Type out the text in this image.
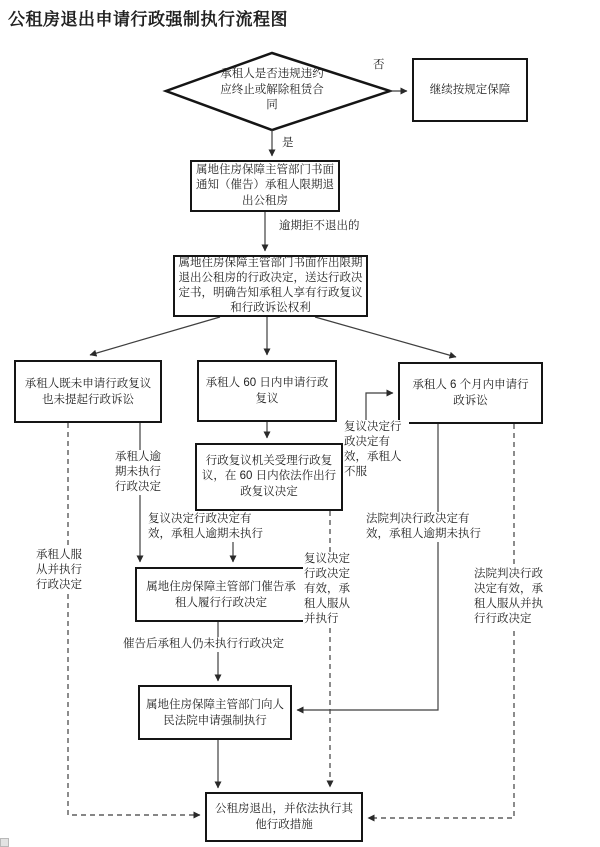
公租房退出申请行政强制执行流程图
承租人是否违规违约应终止或解除租赁合同
继续按规定保障
属地住房保障主管部门书面通知（催告）承租人限期退出公租房
属地住房保障主管部门书面作出限期退出公租房的行政决定，送达行政决定书，明确告知承租人享有行政复议和行政诉讼权利
承租人既未申请行政复议也未提起行政诉讼
承租人 60 日内申请行政复议
承租人 6 个月内申请行政诉讼
行政复议机关受理行政复议，在 60 日内依法作出行政复议决定
属地住房保障主管部门催告承租人履行行政决定
属地住房保障主管部门向人民法院申请强制执行
公租房退出，并依法执行其他行政措施
否
是
逾期拒不退出的
承租人逾期未执行行政决定
承租人服从并执行行政决定
复议决定行政决定有效，承租人逾期未执行
复议决定行政决定有效，承租人服从并执行
复议决定行政决定有效，承租人不服
法院判决行政决定有效，承租人逾期未执行
法院判决行政决定有效，承租人服从并执行行政决定
催告后承租人仍未执行行政决定
